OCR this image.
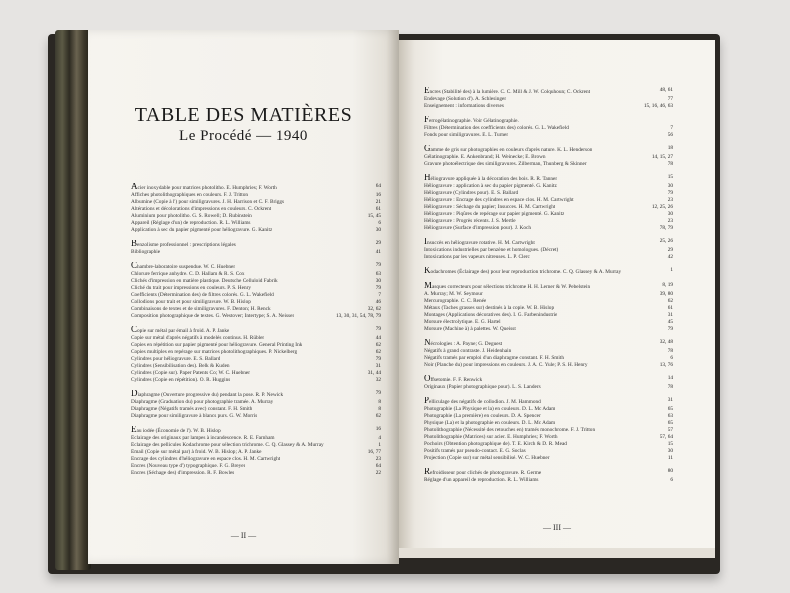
TABLE DES MATIÈRES
Le Procédé — 1940
Acier inoxydable pour matrices photolitho. E. Humphries; F. Worth	64
Affiches photolithographiques en couleurs. F. J. Tritton	16
Albumine (Copie à l') pour similigravures. J. H. Harrison et C. F. Briggs	21
Altérations et décolorations d'impressions en couleurs. C. Ockrent	61
Aluminium pour photolitho. G. S. Rowell; D. Rubinstein	15, 45
Appareil (Réglage d'un) de reproduction. R. L. Williams	6
Application à sec du papier pigmenté pour héliogravure. G. Kanitz	30
Benzolisme professionnel : prescriptions légales	29
Bibliographie	41
Chambre-laboratoire suspendue. W. C. Huebner	79
Chlorure ferrique anhydre. C. D. Hallam & R. S. Cox	63
Clichés d'impression en matière plastique. Deutsche Celluloid Fabrik	30
Cliché du trait pour impressions en couleurs. P. S. Henry	79
Coefficients (Détermination des) de filtres colorés. G. L. Wakefield	7
Collodions pour trait et pour similigravure. W. B. Hislop	46
Combinaisons de textes et de similigravures. F. Denton; H. Renck	32, 62
Composition photographique de textes. G. Westover; Intertype; S. A. Neisser	13, 30, 31, 54, 78, 79
Copie sur métal par émail à froid. A. P. Janke	79
Copie sur métal d'après négatifs à modelés continus. H. Rübler	44
Copies en répétition sur papier pigmenté pour héliogravure. General Printing Ink	62
Copies multiples en repérage sur matrices photolithographiques. P. Nickelberg	62
Cylindres pour héliogravure. E. S. Ballard	79
Cylindres (Sensibilisation des). Belk & Kuden	31
Cylindres (Copie sur). Paper Patents Co; W. C. Huebner	31, 44
Cylindres (Copie en répétition). O. R. Huggins	32
Diaphragme (Ouverture progressive du) pendant la pose. R. P. Newick	79
Diaphragme (Graduation du) pour photographie tramée. A. Murray	8
Diaphragme (Négatifs tramés avec) constant. F. H. Smith	8
Diaphragme pour similigravure à blancs purs. G. W. Morris	62
Eau iodée (Économie de l'). W. B. Hislop	16
Éclairage des originaux par lampes à incandescence. R. E. Farnham	4
Éclairage des pellicules Kodachrome pour sélection trichrome. C. Q. Glassey & A. Murray	1
Émail (Copie sur métal par) à froid. W. B. Hislop; A. P. Janke	16, 77
Encrage des cylindres d'héliogravure en espace clos. H. M. Cartwright	23
Encres (Nouveau type d') typographique. F. G. Breyer	64
Encres (Séchage des) d'impression. R. F. Bowles	22
Encres (Stabilité des) à la lumière. C. C. Mill & J. W. Colquhoun; C. Ockrent	48, 61
Endevage (Solution d'). A. Schlesinger	77
Enseignement : informations diverses	15, 16, 46, 63
Ferrogélatinographie. Voir Gélatinographie.
Filtres (Détermination des coefficients des) colorés. G. L. Wakefield	7
Fonds pour similigravures. E. L. Turner	56
Gamme de gris sur photographies en couleurs d'après nature. K. L. Henderson	18
Gélatinographie. E. Ankenbrand; H. Weinecke; E. Brown	14, 15, 27
Gravure photoélectrique des similigravures. Zilberman, Thunberg & Skinner	78
Héliogravure appliquée à la décoration des bois. R. R. Tanner	15
Héliogravure : application à sec du papier pigmenté. G. Kanitz	30
Héliogravure (Cylindres pour). E. S. Ballard	79
Héliogravure : Encrage des cylindres en espace clos. H. M. Cartwright	23
Héliogravure : Séchage du papier; Insucces. H. M. Cartwright	12, 25, 26
Héliogravure : Piqûres de repérage sur papier pigmenté. G. Kanitz	30
Héliogravure : Progrès récents. J. S. Mertle	23
Héliogravure (Surface d'impression pour). J. Koch	78, 79
Insuccès en héliogravure rotative. H. M. Cartwright	25, 26
Intoxications industrielles par benzène et homologues. (Décret)	29
Intoxications par les vapeurs nitreuses. L. P. Clerc	42
Kodachromes (Éclairage des) pour leur reproduction trichrome. C. Q. Glassey & A. Murray	1
Masques correcteurs pour sélections trichrome H. H. Lerner & W. Pebelstein	8, 19
A. Murray; M. W. Seymour	39, 80
Mercurographie. C. C. Renée	62
Métaux (Taches grasses sur) destinés à la copie. W. B. Hislop	61
Montages (Applications décoratives des). I. G. Farbenindustrie	31
Morsure électrolytique. E. G. Hartel	45
Morsure (Machine à) à palettes. W. Queisst	79
Nécrologies : A. Payne; G. Deguest	32, 48
Négatifs à grand contraste. J. Heidenhain	78
Négatifs tramés par emploi d'un diaphragme constant. F. H. Smith	6
Noir (Planche du) pour impressions en couleurs. J. A. C. Yule; P. S. H. Henry	13, 76
Offsetomie. F. F. Renwick	14
Originaux (Papier photographique pour). L. S. Landers	78
Pelliculage des négatifs de collodion. J. M. Hammond	31
Photographie (La Physique et la) en couleurs. D. L. Mc Adam	65
Photographie (La première) en couleurs. D. A. Spencer	63
Physique (La) et la photographie en couleurs. D. L. Mc Adam	65
Photolithographie (Nécessité des retouches en) tramés monochrome. F. J. Tritton	57
Photolithographie (Matrices) sur acier. E. Humphries; F. Worth	57, 64
Pochoirs (Obtention photographique de). T. E. Kirch & D. R. Mead	15
Positifs tramés par pseudo-contact. E. G. Soclas	30
Projection (Copie sur) sur métal sensibilisé. W. C. Huebner	11
Refroidisseur pour clichés de photogravure. R. Germe	80
Réglage d'un appareil de reproduction. R. L. Williams	6
— II —
— III —
